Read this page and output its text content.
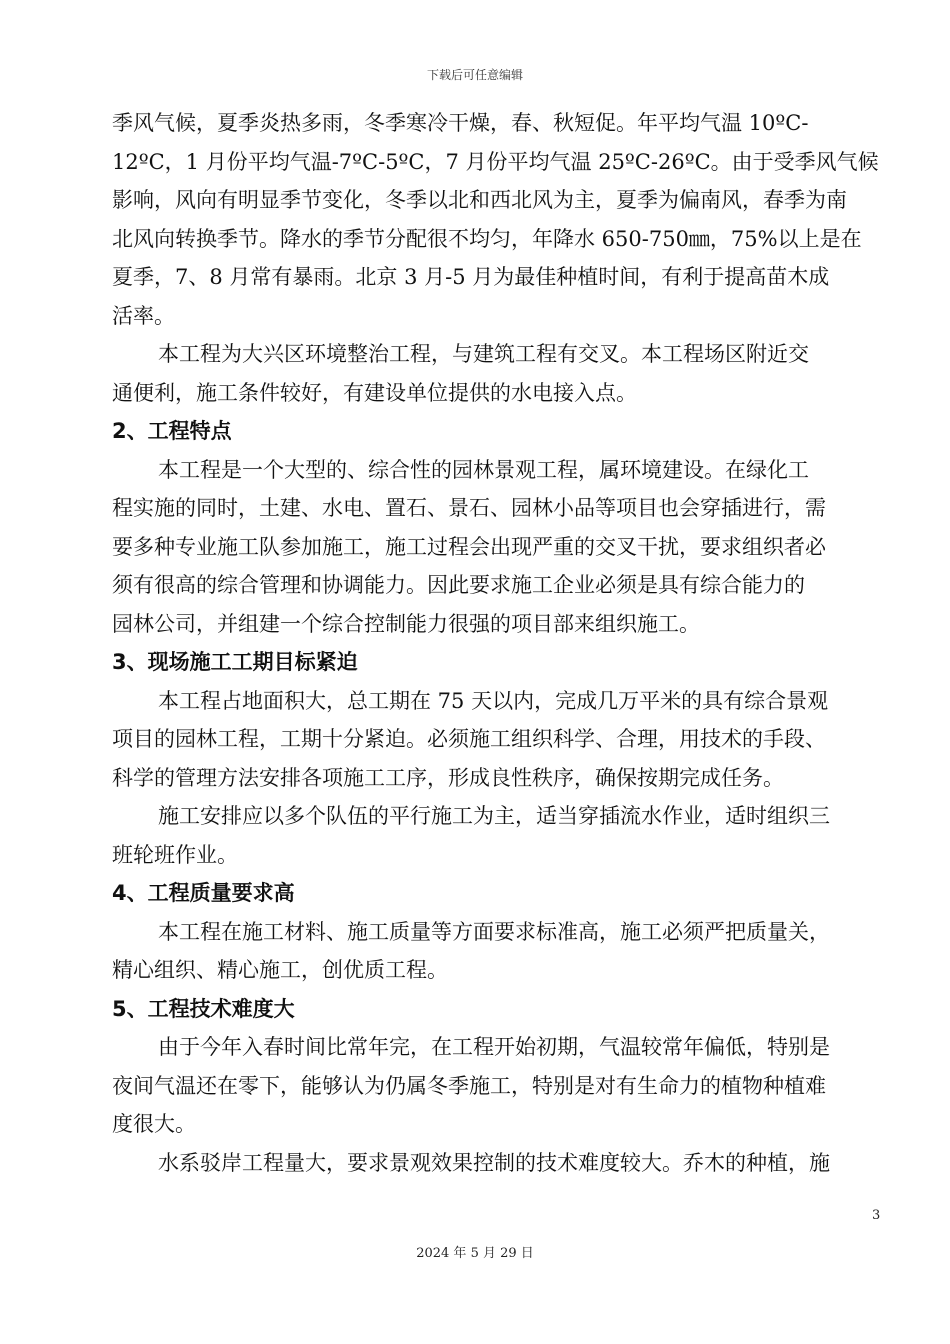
下载后可任意编辑
季风气候，夏季炎热多雨，冬季寒冷干燥，春、秋短促。年平均气温 10ºC-
12ºC，1 月份平均气温-7ºC-5ºC，7 月份平均气温 25ºC-26ºC。由于受季风气候
影响，风向有明显季节变化，冬季以北和西北风为主，夏季为偏南风，春季为南
北风向转换季节。降水的季节分配很不均匀，年降水 650-750㎜，75%以上是在
夏季，7、8 月常有暴雨。北京 3 月-5 月为最佳种植时间，有利于提高苗木成
活率。
本工程为大兴区环境整治工程，与建筑工程有交叉。本工程场区附近交
通便利，施工条件较好，有建设单位提供的水电接入点。
2、工程特点
本工程是一个大型的、综合性的园林景观工程，属环境建设。在绿化工
程实施的同时，土建、水电、置石、景石、园林小品等项目也会穿插进行，需
要多种专业施工队参加施工，施工过程会出现严重的交叉干扰，要求组织者必
须有很高的综合管理和协调能力。因此要求施工企业必须是具有综合能力的
园林公司，并组建一个综合控制能力很强的项目部来组织施工。
3、现场施工工期目标紧迫
本工程占地面积大，总工期在 75 天以内，完成几万平米的具有综合景观
项目的园林工程，工期十分紧迫。必须施工组织科学、合理，用技术的手段、
科学的管理方法安排各项施工工序，形成良性秩序，确保按期完成任务。
施工安排应以多个队伍的平行施工为主，适当穿插流水作业，适时组织三
班轮班作业。
4、工程质量要求高
本工程在施工材料、施工质量等方面要求标准高，施工必须严把质量关，
精心组织、精心施工，创优质工程。
5、工程技术难度大
由于今年入春时间比常年完，在工程开始初期，气温较常年偏低，特别是
夜间气温还在零下，能够认为仍属冬季施工，特别是对有生命力的植物种植难
度很大。
水系驳岸工程量大，要求景观效果控制的技术难度较大。乔木的种植，施
3
2024 年 5 月 29 日
